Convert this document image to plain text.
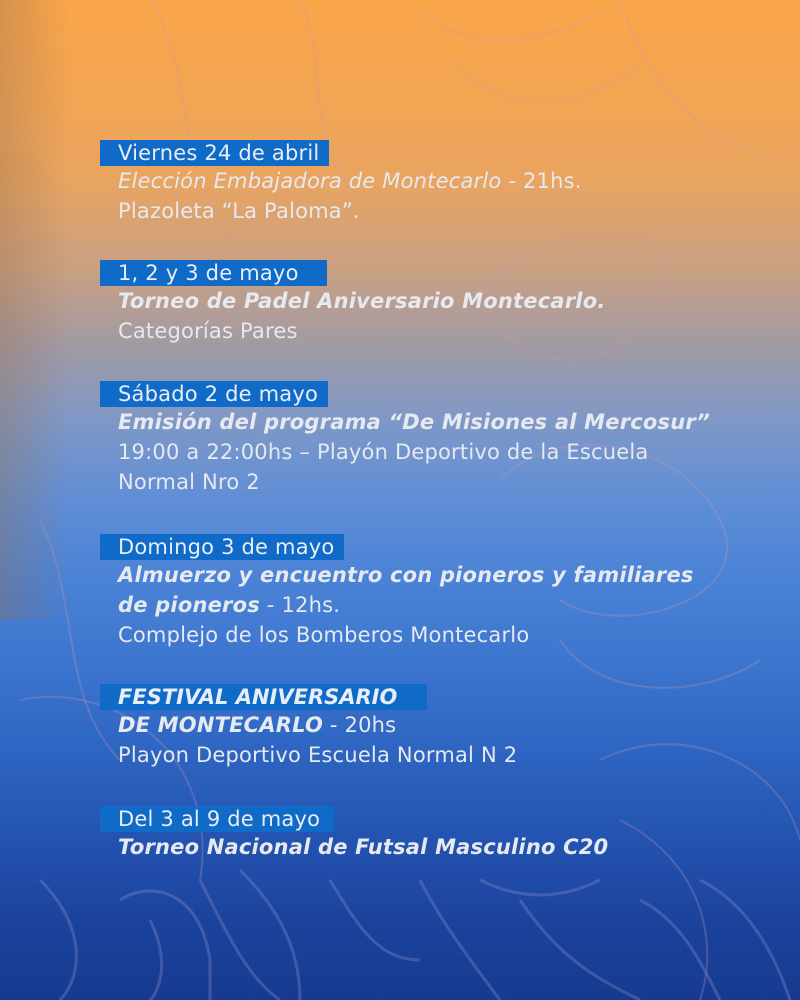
Viernes 24 de abril
Elección Embajadora de Montecarlo - 21hs.
Plazoleta “La Paloma”.
1, 2 y 3 de mayo
Torneo de Padel Aniversario Montecarlo.
Categorías Pares
Sábado 2 de mayo
Emisión del programa “De Misiones al Mercosur”
19:00 a 22:00hs – Playón Deportivo de la Escuela
Normal Nro 2
Domingo 3 de mayo
Almuerzo y encuentro con pioneros y familiares
de pioneros - 12hs.
Complejo de los Bomberos Montecarlo
FESTIVAL ANIVERSARIO
DE MONTECARLO - 20hs
Playon Deportivo Escuela Normal N 2
Del 3 al 9 de mayo
Torneo Nacional de Futsal Masculino C20
